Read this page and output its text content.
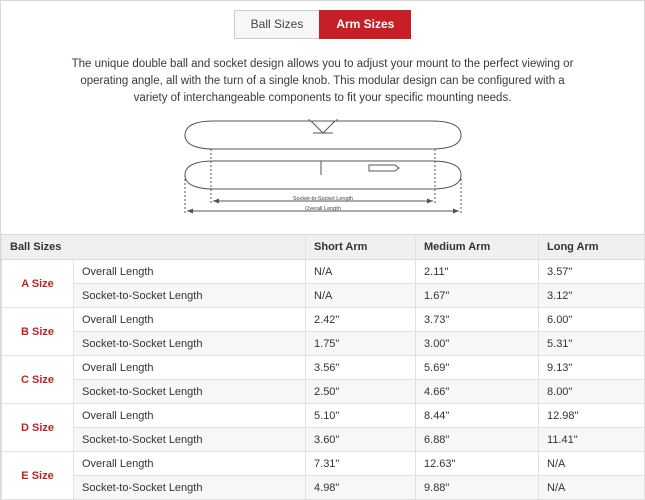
Ball Sizes	Arm Sizes
The unique double ball and socket design allows you to adjust your mount to the perfect viewing or operating angle, all with the turn of a single knob. This modular design can be configured with a variety of interchangeable components to fit your specific mounting needs.
Socket-to-Socket Length
Overall Length
Ball Sizes		Short Arm	Medium Arm	Long Arm
A Size	Overall Length	N/A	2.11"	3.57"
	Socket-to-Socket Length	N/A	1.67"	3.12"
B Size	Overall Length	2.42"	3.73"	6.00"
	Socket-to-Socket Length	1.75"	3.00"	5.31"
C Size	Overall Length	3.56"	5.69"	9.13"
	Socket-to-Socket Length	2.50"	4.66"	8.00"
D Size	Overall Length	5.10"	8.44"	12.98"
	Socket-to-Socket Length	3.60"	6.88"	11.41"
E Size	Overall Length	7.31"	12.63"	N/A
	Socket-to-Socket Length	4.98"	9.88"	N/A
